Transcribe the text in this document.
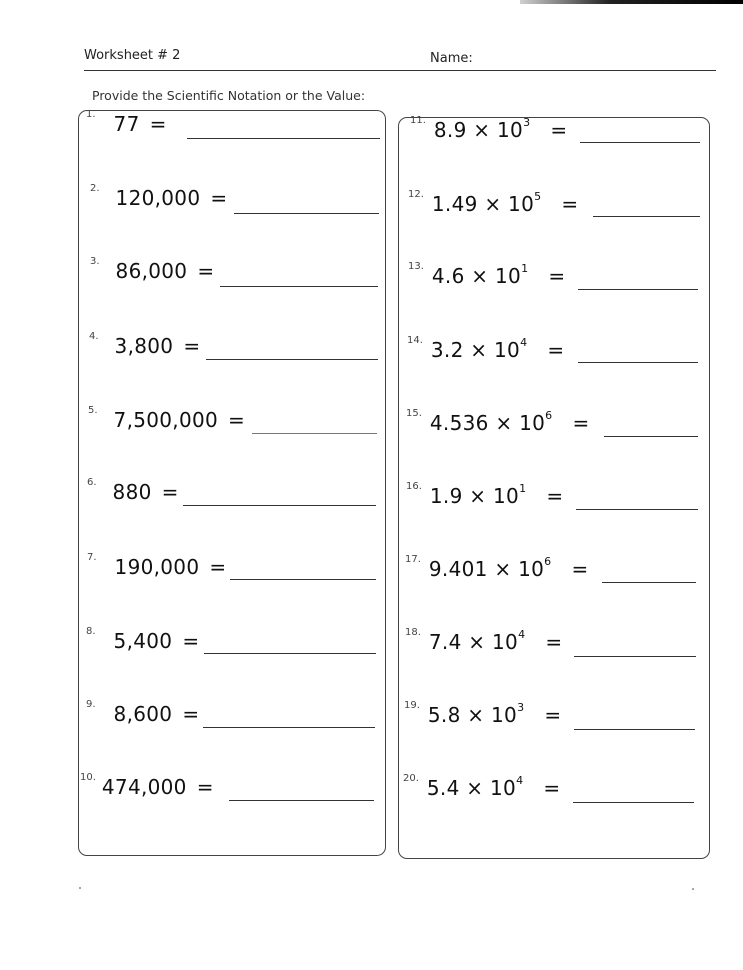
Worksheet # 2	Name:
Provide the Scientific Notation or the Value:
1. 77 =
2. 120,000 =
3. 86,000 =
4. 3,800 =
5. 7,500,000 =
6. 880 =
7. 190,000 =
8. 5,400 =
9. 8,600 =
10. 474,000 =
11. $8.9 \times 10^3$ =
12. $1.49 \times 10^5$ =
13. $4.6 \times 10^1$ =
14. $3.2 \times 10^4$ =
15. $4.536 \times 10^6$ =
16. $1.9 \times 10^1$ =
17. $9.401 \times 10^6$ =
18. $7.4 \times 10^4$ =
19. $5.8 \times 10^3$ =
20. $5.4 \times 10^4$ =
